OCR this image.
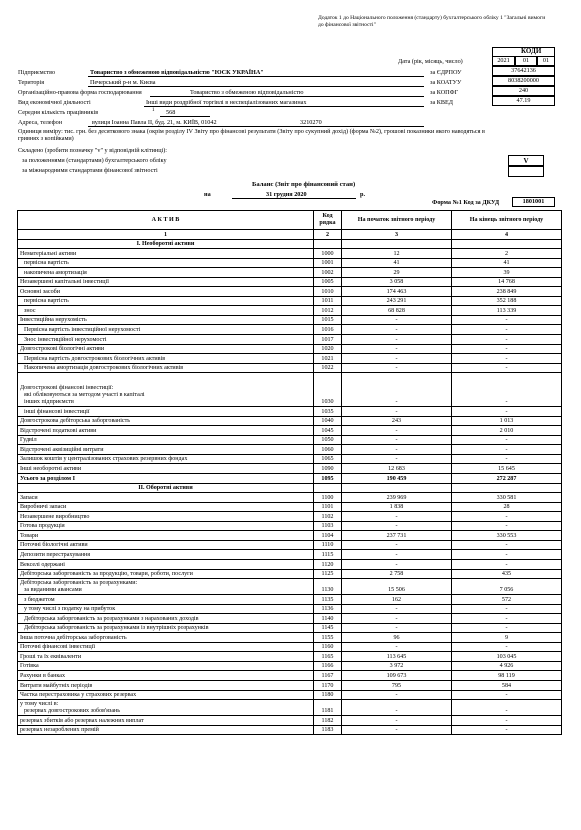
Додаток 1 до Національного положення (стандарту) бухгалтерського обліку 1 "Загальні вимоги до фінансової звітності"
КОДИ
Дата (рік, місяць, число)	2021	01	01
Підприємство	Товариство з обмеженою відповідальністю "ЮСК УКРАЇНА"	за ЄДРПОУ	37642136
Територія	Печерський р-н м. Києва	за КОАТУУ	8038200000
Організаційно-правова форма господарювання	Товариство з обмеженою відповідальністю	за КОПФГ	240
Вид економічної діяльності	Інші види роздрібної торгівлі в неспеціалізованих магазинах	за КВЕД	47.19
Середня кількість працівників	1 568
Адреса, телефон	вулиця Іоанна Павла II, буд. 21, м. КИЇВ, 01042	3210270
Одиниця виміру: тис. грн. без десяткового знака (окрім розділу IV Звіту про фінансові результати (Звіту про сукупний дохід) (форма №2), грошові показники якого наводяться в гривнях з копійками)
Складено (зробити позначку "v" у відповідній клітинці):
за положеннями (стандартами) бухгалтерського обліку
за міжнародними стандартами фінансової звітності
V
Баланс (Звіт про фінансовий стан)
на	31 грудня 2020	р.
Форма №1 Код за ДКУД	1801001
А К Т И В	Код рядка	На початок звітного періоду	На кінець звітного періоду
1	2	3	4
I. Необоротні активи			
Нематеріальні активи	1000	12	2
первісна вартість	1001	41	41
накопичена амортизація	1002	29	39
Незавершені капітальні інвестиції	1005	3 058	14 768
Основні засоби	1010	174 463	238 849
первісна вартість	1011	243 291	352 188
знос	1012	68 828	113 339
Інвестиційна нерухомість	1015	-	-
Первісна вартість інвестиційної нерухомості	1016	-	-
Знос інвестиційної нерухомості	1017	-	-
Довгострокові біологічні активи	1020	-	-
Первісна вартість довгострокових біологічних активів	1021	-	-
Накопичена амортизація довгострокових біологічних активів	1022	-	-

Довгострокові фінансові інвестиції:
які обліковуються за методом участі в капіталі
інших підприємств	1030	-	-
інші фінансові інвестиції	1035	-	-
Довгострокова дебіторська заборгованість	1040	243	1 013
Відстрочені податкові активи	1045	-	2 010
Гудвіл	1050	-	-
Відстрочені аквізиційні витрати	1060	-	-
Залишок коштів у централізованих страхових резервних фондах	1065	-	-
Інші необоротні активи	1090	12 683	15 645
Усього за розділом I	1095	190 459	272 287
II. Оборотні активи			
Запаси	1100	239 969	330 581
Виробничі запаси	1101	1 838	28
Незавершене виробництво	1102	-	-
Готова продукція	1103	-	-
Товари	1104	237 731	330 553
Поточні біологічні активи	1110	-	-
Депозити перестрахування	1115	-	-
Векселі одержані	1120	-	-
Дебіторська заборгованість за продукцію, товари, роботи, послуги	1125	2 758	435

Дебіторська заборгованість за розрахунками:
за виданими авансами	1130	15 506	7 056
з бюджетом	1135	162	572
у тому числі з податку на прибуток	1136	-	-
Дебіторська заборгованість за розрахунками з нарахованих доходів	1140	-	-
Дебіторська заборгованість за розрахунками із внутрішніх розрахунків	1145	-	-
Інша поточна дебіторська заборгованість	1155	96	9
Поточні фінансові інвестиції	1160	-	-
Гроші та їх еквіваленти	1165	113 645	103 045
Готівка	1166	3 972	4 926
Рахунки в банках	1167	109 673	98 119
Витрати майбутніх періодів	1170	795	584
Частка перестраховика у страхових резервах	1180	-	-

у тому числі в:
резервах довгострокових зобов'язань	1181	-	-
резервах збитків або резервах належних виплат	1182	-	-
резервах незароблених премій	1183	-	-
